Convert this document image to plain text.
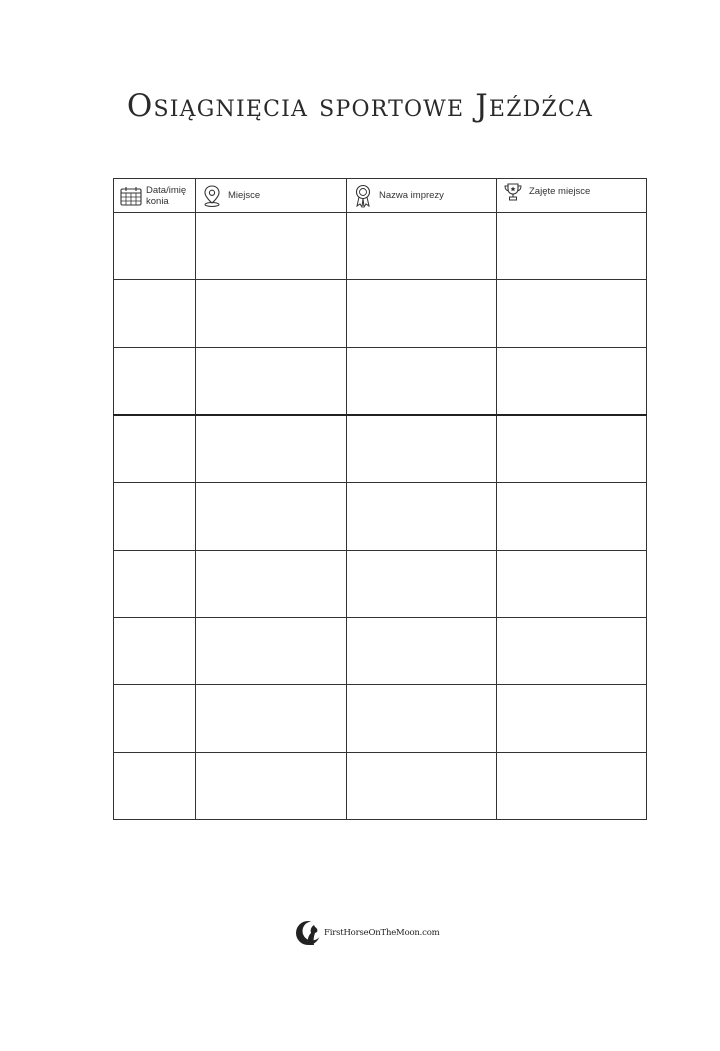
Osiągnięcia sportowe Jeźdźca
Data/imię konia	Miejsce	Nazwa imprezy	Zajęte miejsce

FirstHorseOnTheMoon.com
